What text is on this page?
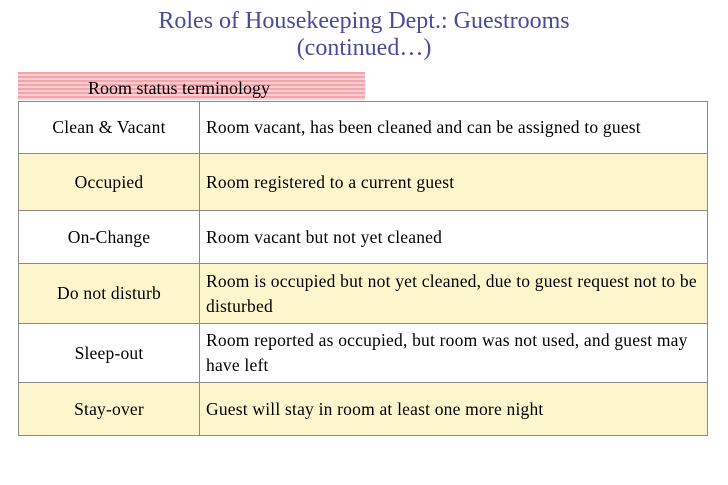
Roles of Housekeeping Dept.: Guestrooms
(continued…)
Room status terminology
Clean & Vacant	Room vacant, has been cleaned and can be assigned to guest
Occupied	Room registered to a current guest
On-Change	Room vacant but not yet cleaned
Do not disturb	Room is occupied but not yet cleaned, due to guest request not to be disturbed
Sleep-out	Room reported as occupied, but room was not used, and guest may have left
Stay-over	Guest will stay in room at least one more night
